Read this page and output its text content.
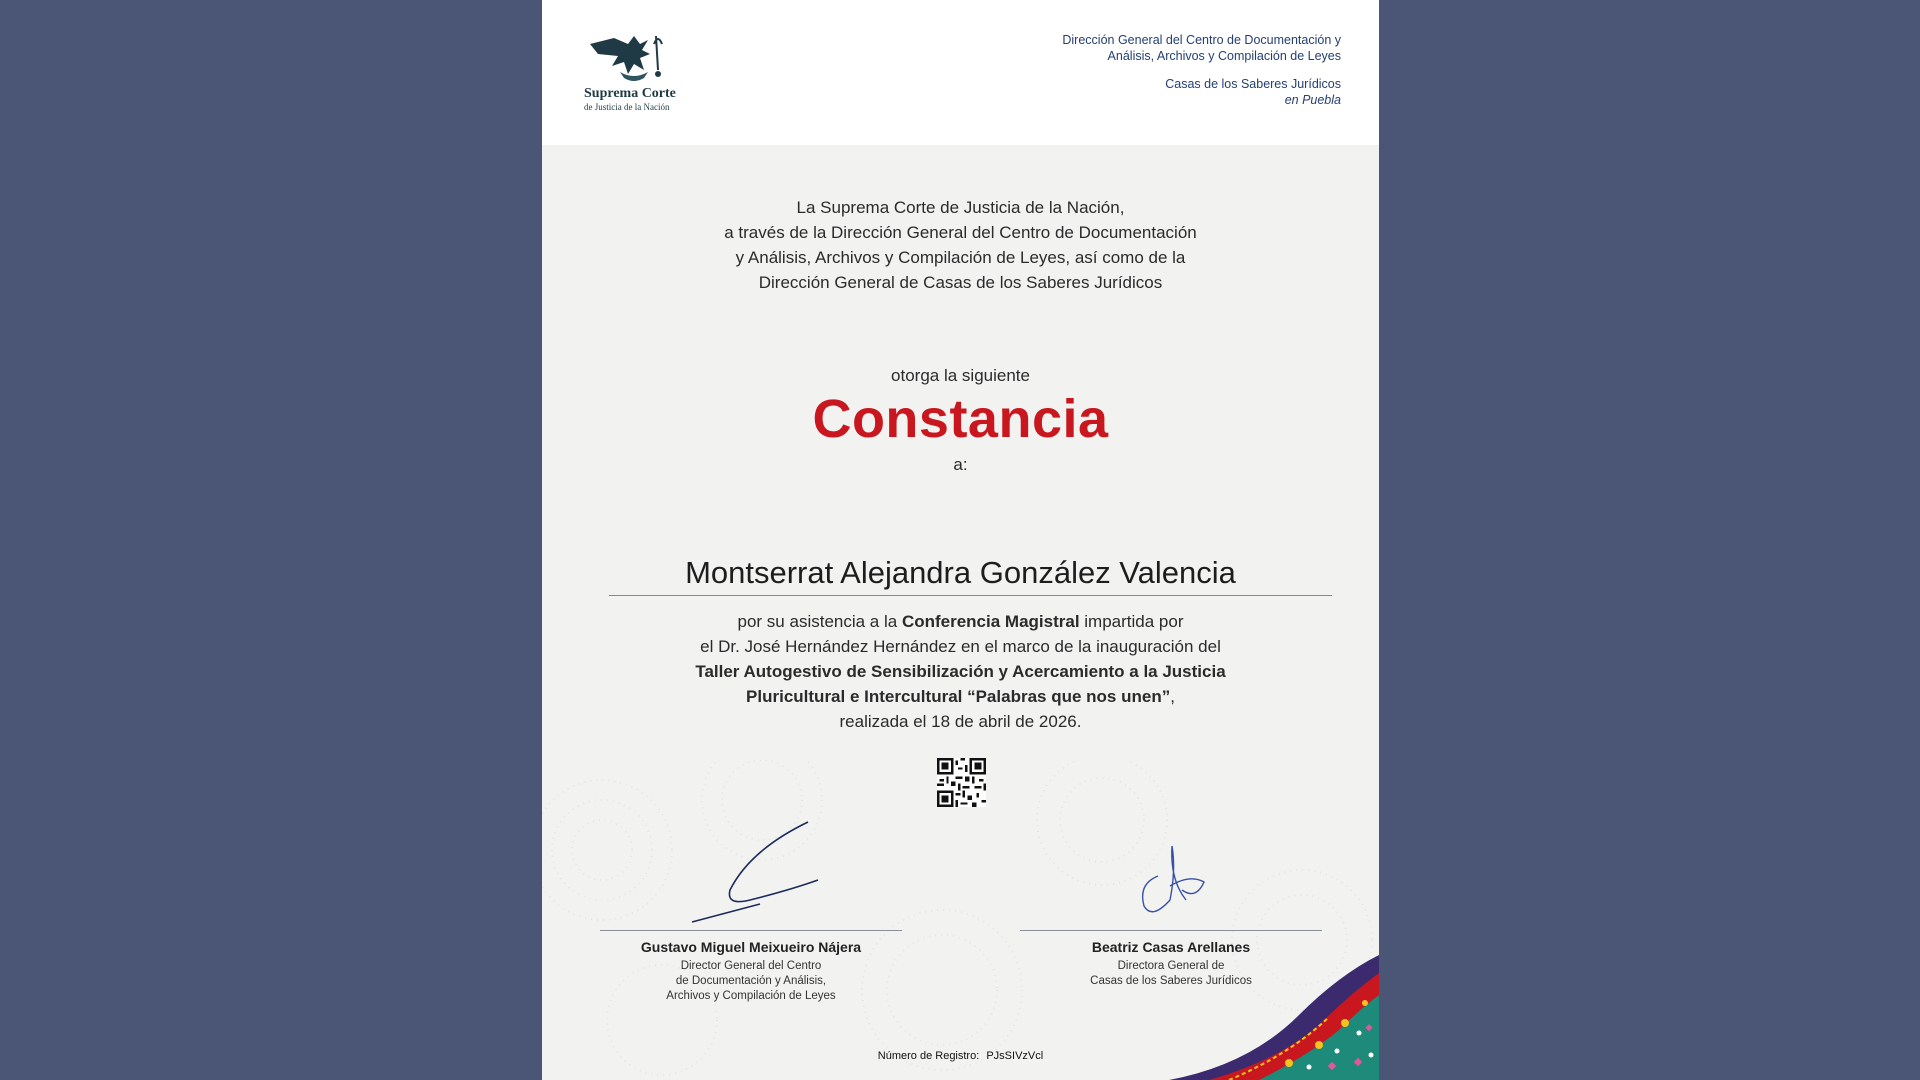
Suprema Corte
de Justicia de la Nación
Dirección General del Centro de Documentación y
Análisis, Archivos y Compilación de Leyes
Casas de los Saberes Jurídicos
en Puebla
La Suprema Corte de Justicia de la Nación,
a través de la Dirección General del Centro de Documentación
y Análisis, Archivos y Compilación de Leyes, así como de la
Dirección General de Casas de los Saberes Jurídicos
otorga la siguiente
Constancia
a:
Montserrat Alejandra González Valencia
por su asistencia a la Conferencia Magistral impartida por
el Dr. José Hernández Hernández en el marco de la inauguración del
Taller Autogestivo de Sensibilización y Acercamiento a la Justicia
Pluricultural e Intercultural “Palabras que nos unen”,
realizada el 18 de abril de 2026.
Gustavo Miguel Meixueiro Nájera
Director General del Centro
de Documentación y Análisis,
Archivos y Compilación de Leyes
Beatriz Casas Arellanes
Directora General de
Casas de los Saberes Jurídicos
Número de Registro: PJsSIVzVcl
